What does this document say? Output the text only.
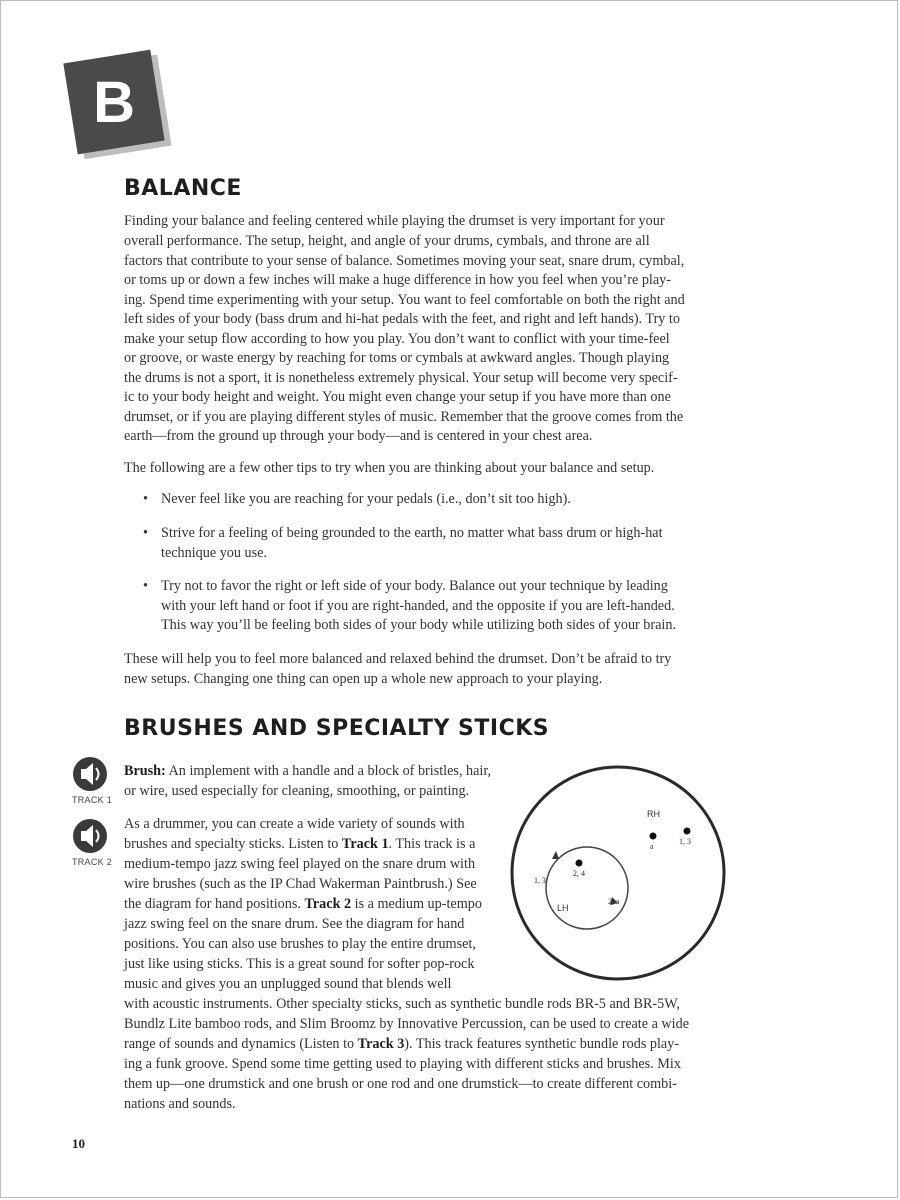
B
BALANCE

Finding your balance and feeling centered while playing the drumset is very important for your

overall performance. The setup, height, and angle of your drums, cymbals, and throne are all

factors that contribute to your sense of balance. Sometimes moving your seat, snare drum, cymbal,

or toms up or down a few inches will make a huge difference in how you feel when you’re play-

ing. Spend time experimenting with your setup. You want to feel comfortable on both the right and

left sides of your body (bass drum and hi-hat pedals with the feet, and right and left hands). Try to

make your setup flow according to how you play. You don’t want to conflict with your time-feel

or groove, or waste energy by reaching for toms or cymbals at awkward angles. Though playing

the drums is not a sport, it is nonetheless extremely physical. Your setup will become very specif-

ic to your body height and weight. You might even change your setup if you have more than one

drumset, or if you are playing different styles of music. Remember that the groove comes from the

earth—from the ground up through your body—and is centered in your chest area.

The following are a few other tips to try when you are thinking about your balance and setup.

• Never feel like you are reaching for your pedals (i.e., don’t sit too high).

• Strive for a feeling of being grounded to the earth, no matter what bass drum or high-hat
technique you use.

• Try not to favor the right or left side of your body. Balance out your technique by leading
with your left hand or foot if you are right-handed, and the opposite if you are left-handed.
This way you’ll be feeling both sides of your body while utilizing both sides of your brain.

These will help you to feel more balanced and relaxed behind the drumset. Don’t be afraid to try

new setups. Changing one thing can open up a whole new approach to your playing.

BRUSHES AND SPECIALTY STICKS
TRACK 1
TRACK 2

Brush: An implement with a handle and a block of bristles, hair,

or wire, used especially for cleaning, smoothing, or painting.

As a drummer, you can create a wide variety of sounds with

brushes and specialty sticks. Listen to Track 1. This track is a

medium-tempo jazz swing feel played on the snare drum with

wire brushes (such as the IP Chad Wakerman Paintbrush.) See

the diagram for hand positions. Track 2 is a medium up-tempo

jazz swing feel on the snare drum. See the diagram for hand

positions. You can also use brushes to play the entire drumset,

just like using sticks. This is a great sound for softer pop-rock

music and gives you an unplugged sound that blends well

with acoustic instruments. Other specialty sticks, such as synthetic bundle rods BR-5 and BR-5W,

Bundlz Lite bamboo rods, and Slim Broomz by Innovative Percussion, can be used to create a wide

range of sounds and dynamics (Listen to Track 3). This track features synthetic bundle rods play-

ing a funk groove. Spend some time getting used to playing with different sticks and brushes. Mix

them up—one drumstick and one brush or one rod and one drumstick—to create different combi-

nations and sounds.

RH
a
1, 3
2, 4
1, 3
2, a
LH
10
